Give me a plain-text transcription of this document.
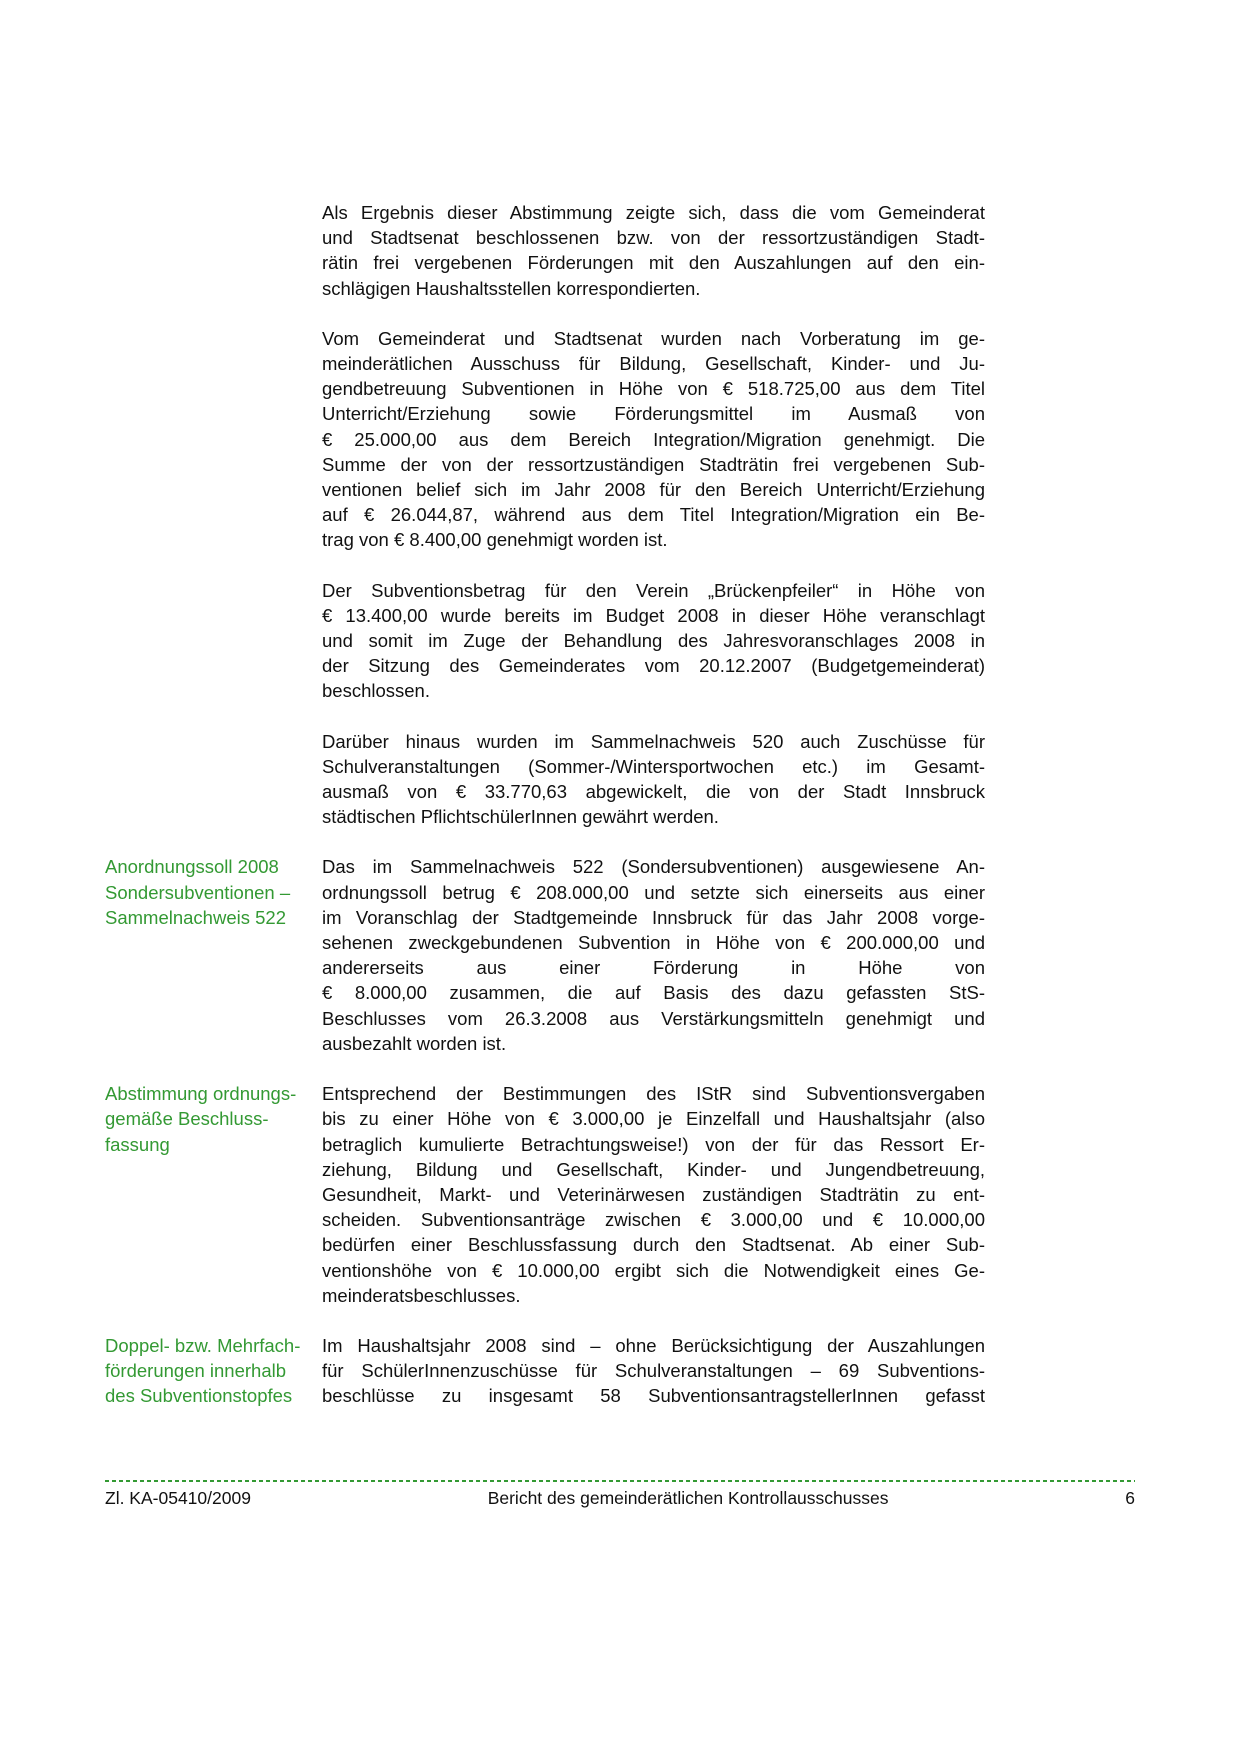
Als Ergebnis dieser Abstimmung zeigte sich, dass die vom Gemeinderat
und Stadtsenat beschlossenen bzw. von der ressortzuständigen Stadt-
rätin frei vergebenen Förderungen mit den Auszahlungen auf den ein-
schlägigen Haushaltsstellen korrespondierten.
Vom Gemeinderat und Stadtsenat wurden nach Vorberatung im ge-
meinderätlichen Ausschuss für Bildung, Gesellschaft, Kinder- und Ju-
gendbetreuung Subventionen in Höhe von € 518.725,00 aus dem Titel
Unterricht/Erziehung sowie Förderungsmittel im Ausmaß von
€ 25.000,00 aus dem Bereich Integration/Migration genehmigt. Die
Summe der von der ressortzuständigen Stadträtin frei vergebenen Sub-
ventionen belief sich im Jahr 2008 für den Bereich Unterricht/Erziehung
auf € 26.044,87, während aus dem Titel Integration/Migration ein Be-
trag von € 8.400,00 genehmigt worden ist.
Der Subventionsbetrag für den Verein „Brückenpfeiler“ in Höhe von
€ 13.400,00 wurde bereits im Budget 2008 in dieser Höhe veranschlagt
und somit im Zuge der Behandlung des Jahresvoranschlages 2008 in
der Sitzung des Gemeinderates vom 20.12.2007 (Budgetgemeinderat)
beschlossen.
Darüber hinaus wurden im Sammelnachweis 520 auch Zuschüsse für
Schulveranstaltungen (Sommer-/Wintersportwochen etc.) im Gesamt-
ausmaß von € 33.770,63 abgewickelt, die von der Stadt Innsbruck
städtischen PflichtschülerInnen gewährt werden.
Anordnungssoll 2008
Sondersubventionen –
Sammelnachweis 522
Das im Sammelnachweis 522 (Sondersubventionen) ausgewiesene An-
ordnungssoll betrug € 208.000,00 und setzte sich einerseits aus einer
im Voranschlag der Stadtgemeinde Innsbruck für das Jahr 2008 vorge-
sehenen zweckgebundenen Subvention in Höhe von € 200.000,00 und
andererseits aus einer Förderung in Höhe von
€ 8.000,00 zusammen, die auf Basis des dazu gefassten StS-
Beschlusses vom 26.3.2008 aus Verstärkungsmitteln genehmigt und
ausbezahlt worden ist.
Abstimmung ordnungs-
gemäße Beschluss-
fassung
Entsprechend der Bestimmungen des IStR sind Subventionsvergaben
bis zu einer Höhe von € 3.000,00 je Einzelfall und Haushaltsjahr (also
betraglich kumulierte Betrachtungsweise!) von der für das Ressort Er-
ziehung, Bildung und Gesellschaft, Kinder- und Jungendbetreuung,
Gesundheit, Markt- und Veterinärwesen zuständigen Stadträtin zu ent-
scheiden. Subventionsanträge zwischen € 3.000,00 und € 10.000,00
bedürfen einer Beschlussfassung durch den Stadtsenat. Ab einer Sub-
ventionshöhe von € 10.000,00 ergibt sich die Notwendigkeit eines Ge-
meinderatsbeschlusses.
Doppel- bzw. Mehrfach-
förderungen innerhalb
des Subventionstopfes
Im Haushaltsjahr 2008 sind – ohne Berücksichtigung der Auszahlungen
für SchülerInnenzuschüsse für Schulveranstaltungen – 69 Subventions-
beschlüsse zu insgesamt 58 SubventionsantragstellerInnen gefasst
Zl. KA-05410/2009	Bericht des gemeinderätlichen Kontrollausschusses	6
